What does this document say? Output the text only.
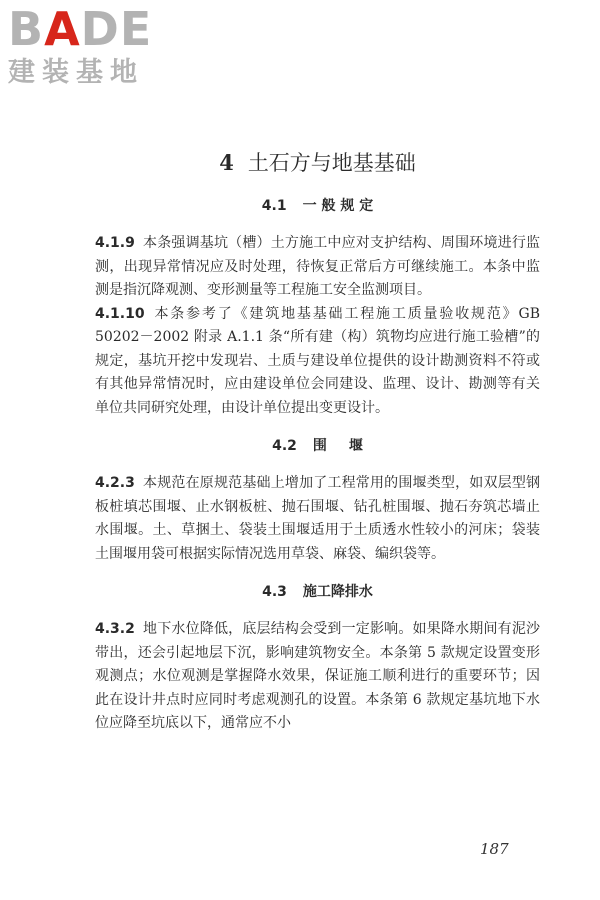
B A DE
建装基地
4 土石方与地基基础
4.1 一 般 规 定

4.1.9 本条强调基坑（槽）土方施工中应对支护结构、周围环境进行监测，出现异常情况应及时处理，待恢复正常后方可继续施工。本条中监测是指沉降观测、变形测量等工程施工安全监测项目。

4.1.10 本条参考了《建筑地基基础工程施工质量验收规范》GB 50202－2002 附录 A.1.1 条“所有建（构）筑物均应进行施工验槽”的规定，基坑开挖中发现岩、土质与建设单位提供的设计勘测资料不符或有其他异常情况时，应由建设单位会同建设、监理、设计、勘测等有关单位共同研究处理，由设计单位提出变更设计。

4.2 围 堰

4.2.3 本规范在原规范基础上增加了工程常用的围堰类型，如双层型钢板桩填芯围堰、止水钢板桩、抛石围堰、钻孔桩围堰、抛石夯筑芯墙止水围堰。土、草捆土、袋装土围堰适用于土质透水性较小的河床；袋装土围堰用袋可根据实际情况选用草袋、麻袋、编织袋等。

4.3 施工降排水

4.3.2 地下水位降低，底层结构会受到一定影响。如果降水期间有泥沙带出，还会引起地层下沉，影响建筑物安全。本条第 5 款规定设置变形观测点；水位观测是掌握降水效果，保证施工顺利进行的重要环节；因此在设计井点时应同时考虑观测孔的设置。本条第 6 款规定基坑地下水位应降至坑底以下，通常应不小

187
